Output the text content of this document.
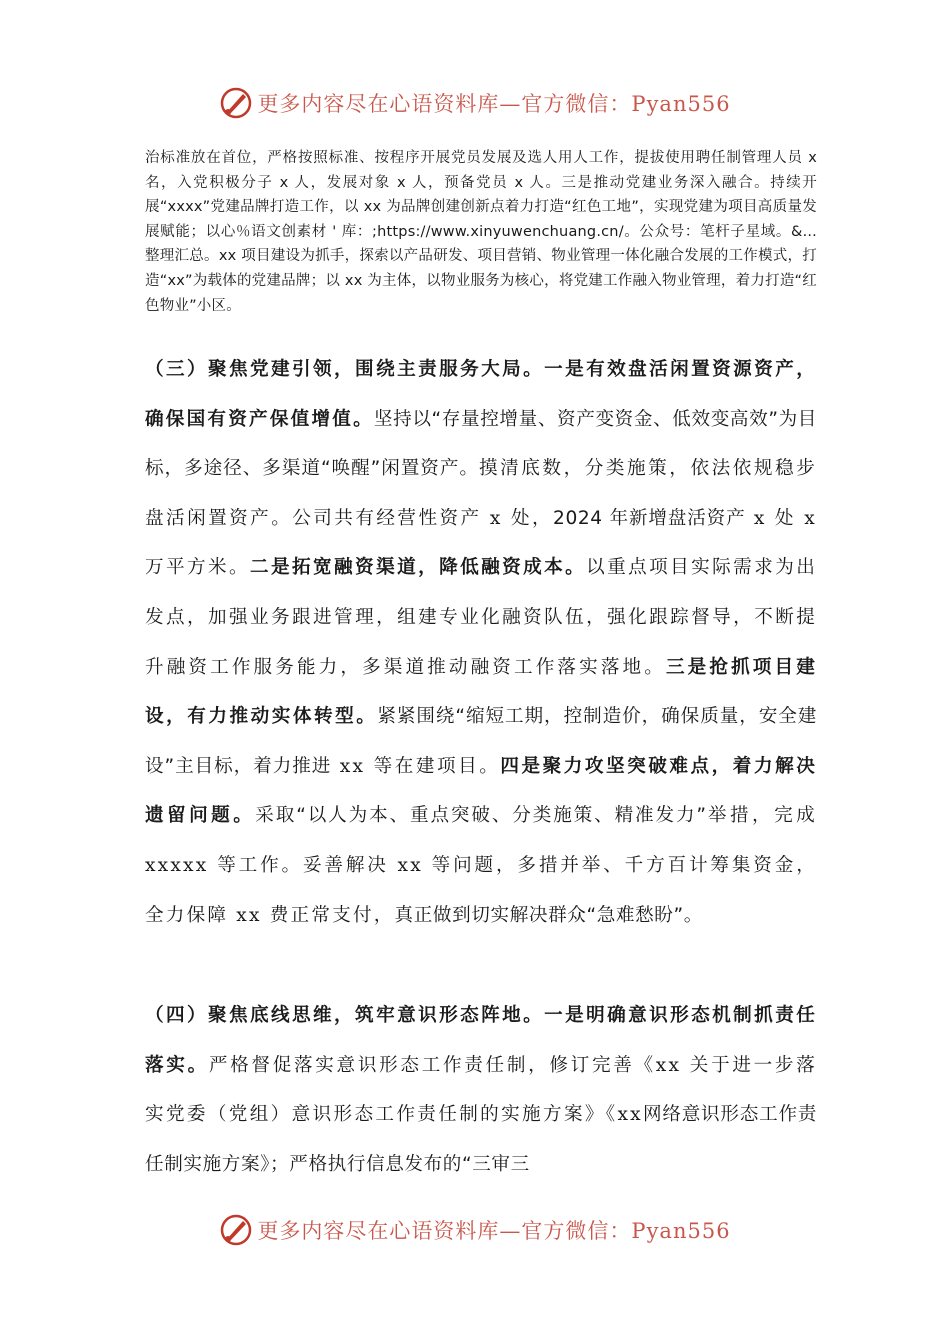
更多内容尽在心语资料库—官方微信：Pyan556
治标准放在首位，严格按照标准、按程序开展党员发展及选人用人工作，提拔使用聘任制管理人员 x 名，入党积极分子 x 人，发展对象 x 人，预备党员 x 人。三是推动党建业务深入融合。持续开展“xxxx”党建品牌打造工作，以 xx 为品牌创建创新点着力打造“红色工地”，实现党建为项目高质量发展赋能；以心％语文创素材 ' 库：;https://www.xinyuwenchuang.cn/。公众号：笔杆子星域。&...整理汇总。xx 项目建设为抓手，探索以产品研发、项目营销、物业管理一体化融合发展的工作模式，打造“xx”为载体的党建品牌；以 xx 为主体，以物业服务为核心，将党建工作融入物业管理，着力打造“红色物业”小区。
（三）聚焦党建引领，围绕主责服务大局。一是有效盘活闲置资源资产，确保国有资产保值增值。坚持以“存量控增量、资产变资金、低效变高效”为目标，多途径、多渠道“唤醒”闲置资产。摸清底数，分类施策，依法依规稳步盘活闲置资产。公司共有经营性资产 x 处，2024 年新增盘活资产 x 处 x 万平方米。二是拓宽融资渠道，降低融资成本。以重点项目实际需求为出发点，加强业务跟进管理，组建专业化融资队伍，强化跟踪督导，不断提升融资工作服务能力，多渠道推动融资工作落实落地。三是抢抓项目建设，有力推动实体转型。紧紧围绕“缩短工期，控制造价，确保质量，安全建设”主目标，着力推进 xx 等在建项目。四是聚力攻坚突破难点，着力解决遗留问题。采取“以人为本、重点突破、分类施策、精准发力”举措，完成 xxxxx 等工作。妥善解决 xx 等问题，多措并举、千方百计筹集资金，全力保障 xx 费正常支付，真正做到切实解决群众“急难愁盼”。
（四）聚焦底线思维，筑牢意识形态阵地。一是明确意识形态机制抓责任落实。严格督促落实意识形态工作责任制，修订完善《xx 关于进一步落实党委（党组）意识形态工作责任制的实施方案》《xx网络意识形态工作责任制实施方案》；严格执行信息发布的“三审三
更多内容尽在心语资料库—官方微信：Pyan556
